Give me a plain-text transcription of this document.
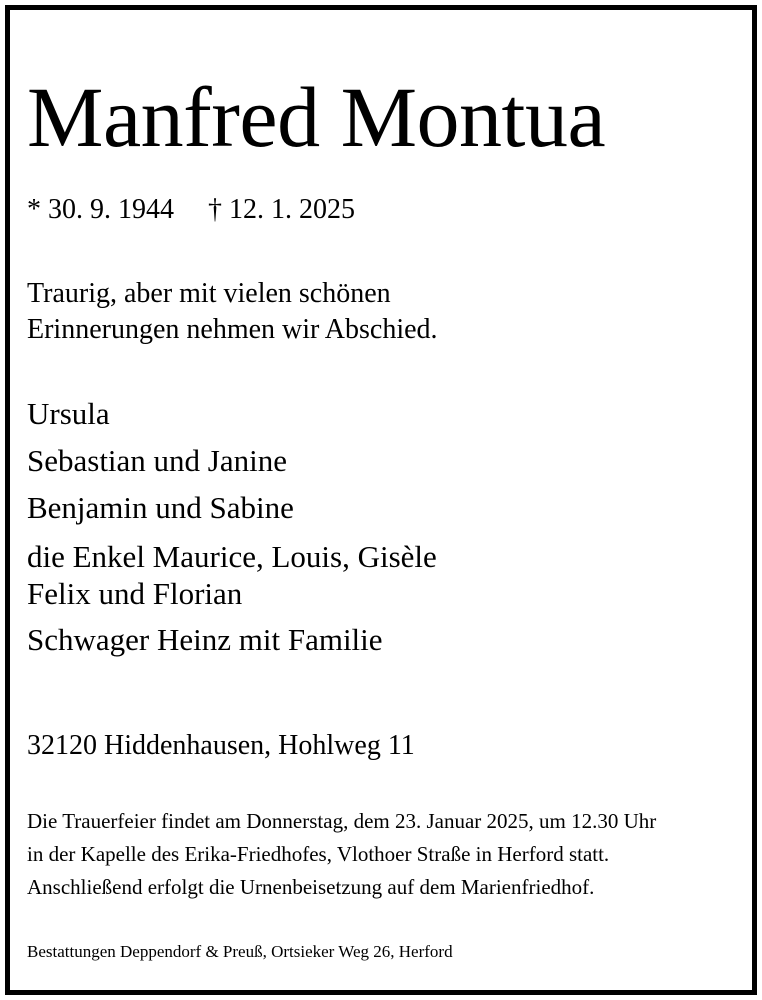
Manfred Montua
* 30. 9. 1944 † 12. 1. 2025
Traurig, aber mit vielen schönen
Erinnerungen nehmen wir Abschied.
Ursula
Sebastian und Janine
Benjamin und Sabine
die Enkel Maurice, Louis, Gisèle
Felix und Florian
Schwager Heinz mit Familie
32120 Hiddenhausen, Hohlweg 11
Die Trauerfeier findet am Donnerstag, dem 23. Januar 2025, um 12.30 Uhr
in der Kapelle des Erika-Friedhofes, Vlothoer Straße in Herford statt.
Anschließend erfolgt die Urnenbeisetzung auf dem Marienfriedhof.
Bestattungen Deppendorf & Preuß, Ortsieker Weg 26, Herford
